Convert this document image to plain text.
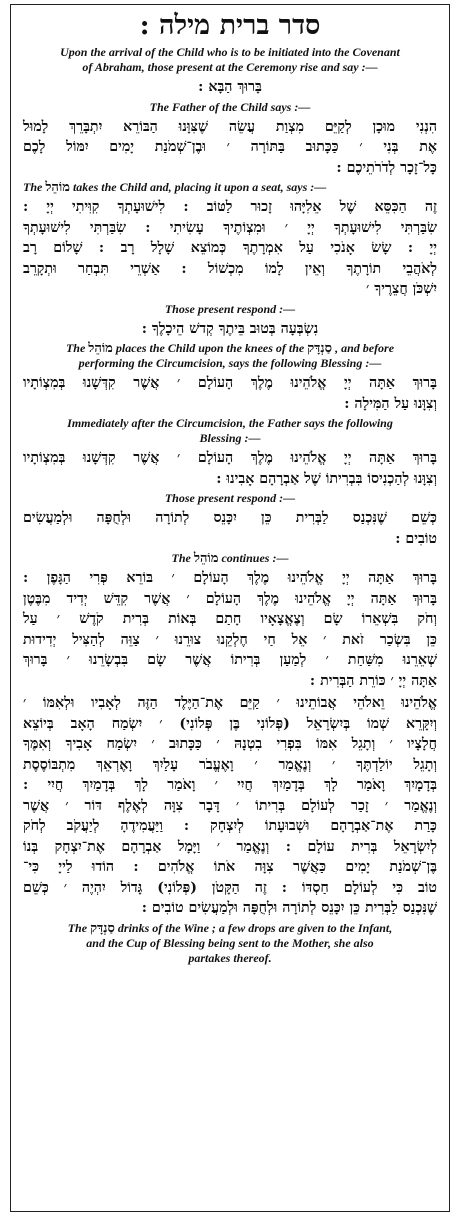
סדר ברית מילה :
Upon the arrival of the Child who is to be initiated into the Covenant
of Abraham, those present at the Ceremony rise and say :—
בָּרוּךְ הַבָּא :
The Father of the Child says :—
הִנְנִי מוּכָן לְקַיֵּם מִצְוַת עֲשֵׂה שֶׁצִּוָּנוּ הַבּוֹרֵא יִתְבָּרֵךְ לָמוּל
אֶת בְּנִי ׳ כַּכָּתוּב בַּתּוֹרָה ׳ וּבֶן־שְׁמֹנַת יָמִים יִמּוֹל לָכֶם
כָּל־זָכָר לְדֹרֹתֵיכֶם :
The מוֹהֵל takes the Child and, placing it upon a seat, says :—
זֶה הַכִּסֵּא שֶׁל אֵלִיָּהוּ זָכוּר לַטּוֹב : לִישׁוּעָתְךָ קִוִּיתִי יְיָ :
שִׂבַּרְתִּי לִישׁוּעָתְךָ יְיָ ׳ וּמִצְוֹתֶיךָ עָשִׂיתִי : שִׂבַּרְתִּי לִישׁוּעָתְךָ
יְיָ : שָׂשׂ אָנֹכִי עַל אִמְרָתֶךָ כְּמוֹצֵא שָׁלָל רָב : שָׁלוֹם רָב
לְאֹהֲבֵי תוֹרָתֶךָ וְאֵין לָמוֹ מִכְשׁוֹל : אַשְׁרֵי תִּבְחַר וּתְקָרֵב
יִשְׁכֹּן חֲצֵרֶיךָ ׳
Those present respond :—
נִשְׂבְּעָה בְּטוּב בֵּיתֶךָ קְדשׁ הֵיכָלֶךָ :
The מוֹהֵל places the Child upon the knees of the סַנְדָּק , and before
performing the Circumcision, says the following Blessing :—
בָּרוּךְ אַתָּה יְיָ אֱלֹהֵינוּ מֶלֶךְ הָעוֹלָם ׳ אֲשֶׁר קִדְּשָׁנוּ בְּמִצְוֹתָיו
וְצִוָּנוּ עַל הַמִּילָה :
Immediately after the Circumcision, the Father says the following
Blessing :—
בָּרוּךְ אַתָּה יְיָ אֱלֹהֵינוּ מֶלֶךְ הָעוֹלָם ׳ אֲשֶׁר קִדְּשָׁנוּ בְּמִצְוֹתָיו
וְצִוָּנוּ לְהַכְנִיסוֹ בִּבְרִיתוֹ שֶׁל אַבְרָהָם אָבִינוּ :
Those present respond :—
כְּשֵׁם שֶׁנִּכְנַס לַבְּרִית כֵּן יִכָּנֵס לְתוֹרָה וּלְחֻפָּה וּלְמַעֲשִׂים
טוֹבִים :
The מוֹהֵל continues :—
בָּרוּךְ אַתָּה יְיָ אֱלֹהֵינוּ מֶלֶךְ הָעוֹלָם ׳ בּוֹרֵא פְּרִי הַגָּפֶן :
בָּרוּךְ אַתָּה יְיָ אֱלֹהֵינוּ מֶלֶךְ הָעוֹלָם ׳ אֲשֶׁר קִדֵּשׁ יְדִיד מִבֶּטֶן
וְחֹק בִּשְׁאֵרוֹ שָׂם וְצֶאֱצָאָיו חָתַם בְּאוֹת בְּרִית קֹדֶשׁ ׳ עַל
כֵּן בִּשְׂכַר זֹאת ׳ אֵל חַי חֶלְקֵנוּ צוּרֵנוּ ׳ צַוֵּה לְהַצִּיל יְדִידוּת
שְׁאֵרֵנוּ מִשַּׁחַת ׳ לְמַעַן בְּרִיתוֹ אֲשֶׁר שָׂם בִּבְשָׂרֵנוּ ׳ בָּרוּךְ
אַתָּה יְיָ ׳ כּוֹרֵת הַבְּרִית :
אֱלֹהֵינוּ וֵאלֹהֵי אֲבוֹתֵינוּ ׳ קַיֵּם אֶת־הַיֶּלֶד הַזֶּה לְאָבִיו וּלְאִמּוֹ ׳
וְיִקָּרֵא שְׁמוֹ בְּיִשְׂרָאֵל (פְּלוֹנִי בֶּן פְּלוֹנִי) ׳ יִשְׂמַח הָאָב בְּיוֹצֵא
חֲלָצָיו ׳ וְתָגֵל אִמּוֹ בִּפְרִי בִטְנָהּ ׳ כַּכָּתוּב ׳ יִשְׂמַח אָבִיךָ וְאִמֶּךָ
וְתָגֵל יוֹלַדְתֶּךָ ׳ וְנֶאֱמַר ׳ וָאֶעֱבֹר עָלַיִךְ וָאֶרְאֵךְ מִתְבּוֹסֶסֶת
בְּדָמָיִךְ וָאֹמַר לָךְ בְּדָמַיִךְ חֲיִי ׳ וָאֹמַר לָךְ בְּדָמַיִךְ חֲיִי :
וְנֶאֱמַר ׳ זָכַר לְעוֹלָם בְּרִיתוֹ ׳ דָּבָר צִוָּה לְאֶלֶף דּוֹר ׳ אֲשֶׁר
כָּרַת אֶת־אַבְרָהָם וּשְׁבוּעָתוֹ לְיִצְחָק : וַיַּעֲמִידֶהָ לְיַעֲקֹב לְחֹק
לְיִשְׂרָאֵל בְּרִית עוֹלָם : וְנֶאֱמַר ׳ וַיָּמָל אַבְרָהָם אֶת־יִצְחָק בְּנוֹ
בֶּן־שְׁמֹנַת יָמִים כַּאֲשֶׁר צִוָּה אֹתוֹ אֱלֹהִים : הוֹדוּ לַייָ כִּי־
טוֹב כִּי לְעוֹלָם חַסְדּוֹ : זֶה הַקָּטֹן (פְּלוֹנִי) גָּדוֹל יִהְיֶה ׳ כְּשֵׁם
שֶׁנִּכְנַס לַבְּרִית כֵּן יִכָּנֵס לְתוֹרָה וּלְחֻפָּה וּלְמַעֲשִׂים טוֹבִים :
The סַנְדָּק drinks of the Wine ; a few drops are given to the Infant,
and the Cup of Blessing being sent to the Mother, she also
partakes thereof.
